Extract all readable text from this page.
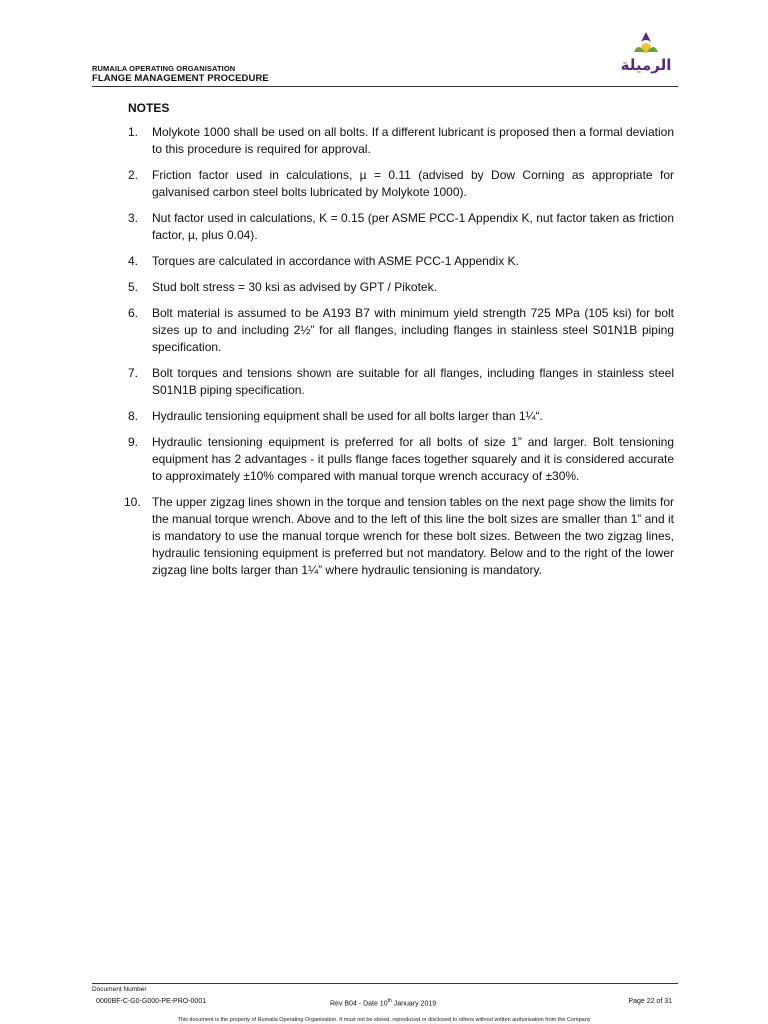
RUMAILA OPERATING ORGANISATION
FLANGE MANAGEMENT PROCEDURE
الرميلة
NOTES
1.	Molykote 1000 shall be used on all bolts. If a different lubricant is proposed then a formal deviation to this procedure is required for approval.
2.	Friction factor used in calculations, µ = 0.11 (advised by Dow Corning as appropriate for galvanised carbon steel bolts lubricated by Molykote 1000).
3.	Nut factor used in calculations, K = 0.15 (per ASME PCC-1 Appendix K, nut factor taken as friction factor, µ, plus 0.04).
4.	Torques are calculated in accordance with ASME PCC-1 Appendix K.
5.	Stud bolt stress = 30 ksi as advised by GPT / Pikotek.
6.	Bolt material is assumed to be A193 B7 with minimum yield strength 725 MPa (105 ksi) for bolt sizes up to and including 2½” for all flanges, including flanges in stainless steel S01N1B piping specification.
7.	Bolt torques and tensions shown are suitable for all flanges, including flanges in stainless steel S01N1B piping specification.
8.	Hydraulic tensioning equipment shall be used for all bolts larger than 1¼“.
9.	Hydraulic tensioning equipment is preferred for all bolts of size 1” and larger. Bolt tensioning equipment has 2 advantages - it pulls flange faces together squarely and it is considered accurate to approximately ±10% compared with manual torque wrench accuracy of ±30%.
10. The upper zigzag lines shown in the torque and tension tables on the next page show the limits for the manual torque wrench. Above and to the left of this line the bolt sizes are smaller than 1” and it is mandatory to use the manual torque wrench for these bolt sizes. Between the two zigzag lines, hydraulic tensioning equipment is preferred but not mandatory. Below and to the right of the lower zigzag line bolts larger than 1¼” where hydraulic tensioning is mandatory.
Document Number
0000BF-C-G0-G000-PE-PRO-0001	Rev B04 - Date 10th January 2019	Page 22 of 31
This document is the property of Rumaila Operating Organisation. It must not be stored, reproduced or disclosed to others without written authorisation from the Company
